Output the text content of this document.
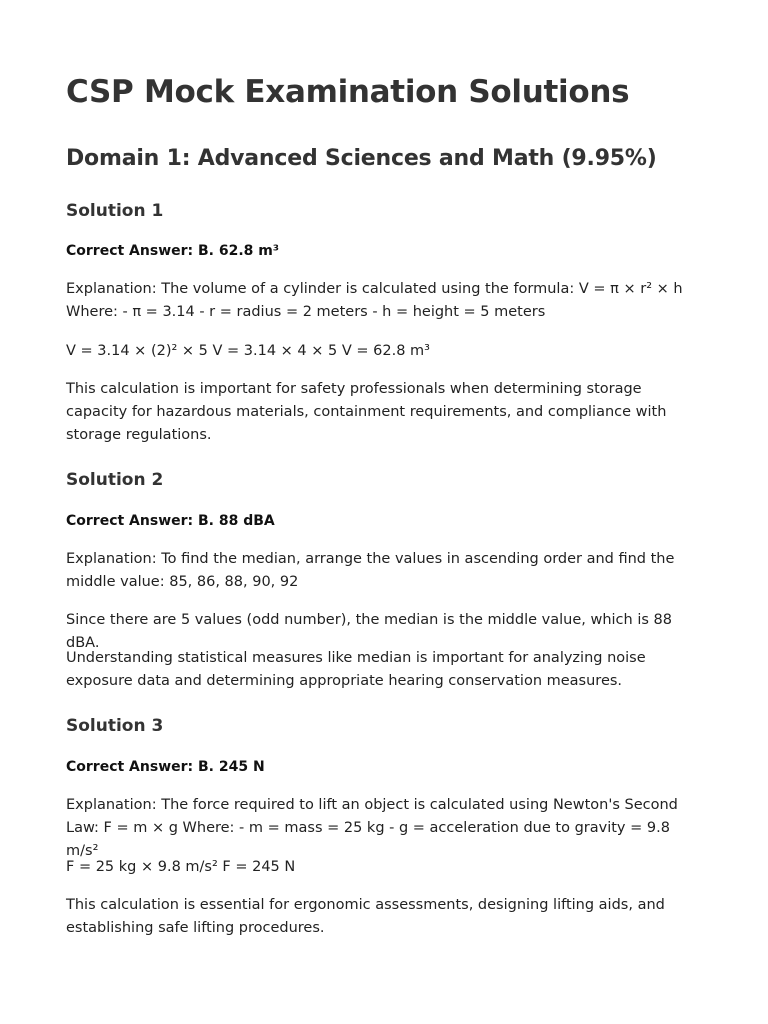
CSP Mock Examination Solutions
Domain 1: Advanced Sciences and Math (9.95%)
Solution 1

Correct Answer: B. 62.8 m³

Explanation: The volume of a cylinder is calculated using the formula: V = π × r² × h Where: - π = 3.14 - r = radius = 2 meters - h = height = 5 meters

V = 3.14 × (2)² × 5 V = 3.14 × 4 × 5 V = 62.8 m³

This calculation is important for safety professionals when determining storage capacity for hazardous materials, containment requirements, and compliance with storage regulations.

Solution 2

Correct Answer: B. 88 dBA

Explanation: To find the median, arrange the values in ascending order and find the middle value: 85, 86, 88, 90, 92

Since there are 5 values (odd number), the median is the middle value, which is 88 dBA.

Understanding statistical measures like median is important for analyzing noise exposure data and determining appropriate hearing conservation measures.

Solution 3

Correct Answer: B. 245 N

Explanation: The force required to lift an object is calculated using Newton's Second Law: F = m × g Where: - m = mass = 25 kg - g = acceleration due to gravity = 9.8 m/s²

F = 25 kg × 9.8 m/s² F = 245 N

This calculation is essential for ergonomic assessments, designing lifting aids, and establishing safe lifting procedures.
